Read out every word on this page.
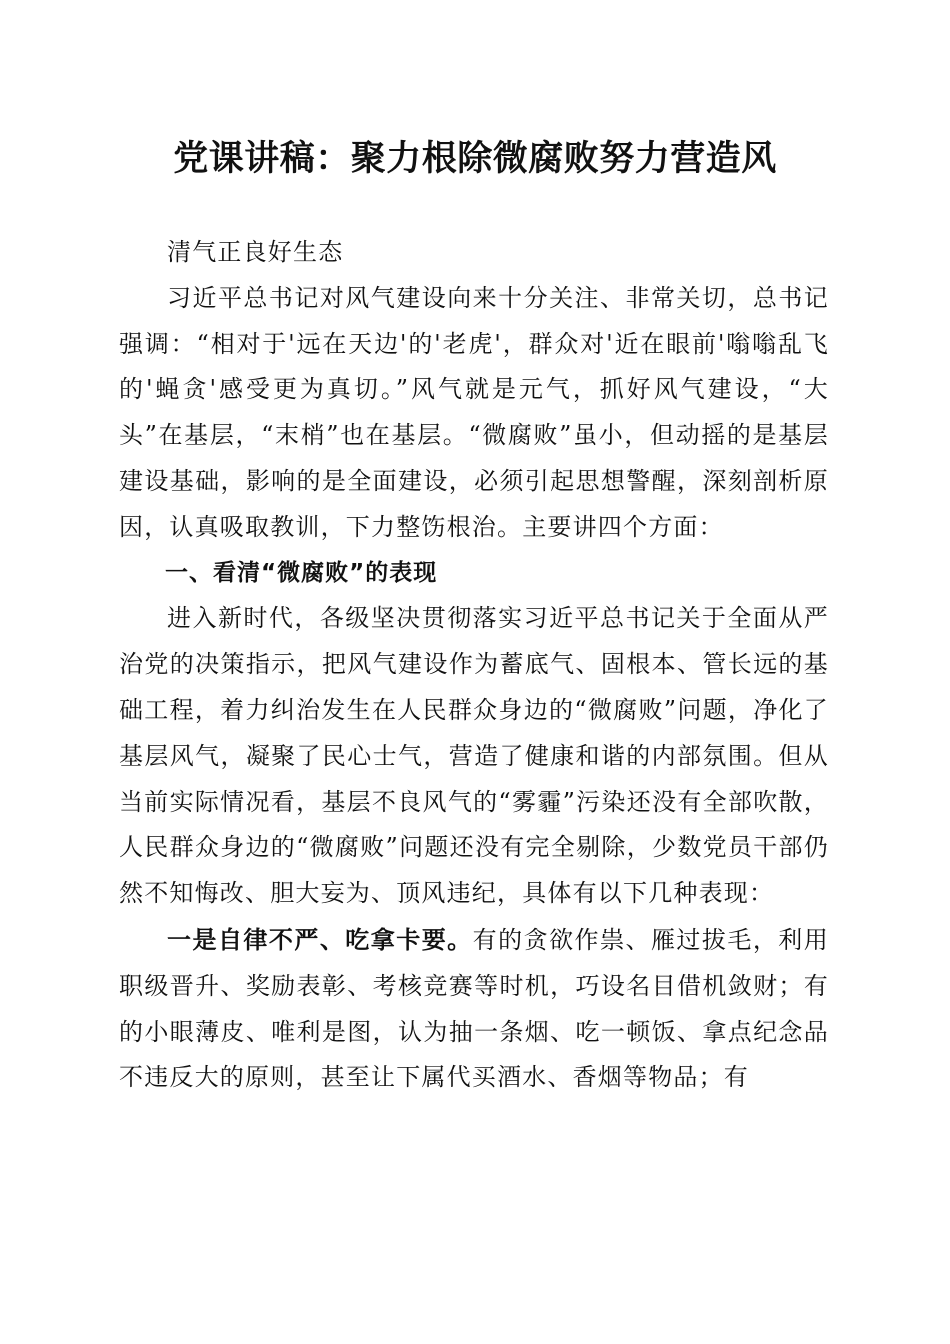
党课讲稿：聚力根除微腐败努力营造风

清气正良好生态

习近平总书记对风气建设向来十分关注、非常关切，总书记强调：“相对于'远在天边'的'老虎'，群众对'近在眼前'嗡嗡乱飞的'蝇贪'感受更为真切。”风气就是元气，抓好风气建设，“大头”在基层，“末梢”也在基层。“微腐败”虽小，但动摇的是基层建设基础，影响的是全面建设，必须引起思想警醒，深刻剖析原因，认真吸取教训，下力整饬根治。主要讲四个方面：

一、看清“微腐败”的表现

进入新时代，各级坚决贯彻落实习近平总书记关于全面从严治党的决策指示，把风气建设作为蓄底气、固根本、管长远的基础工程，着力纠治发生在人民群众身边的“微腐败”问题，净化了基层风气，凝聚了民心士气，营造了健康和谐的内部氛围。但从当前实际情况看，基层不良风气的“雾霾”污染还没有全部吹散，人民群众身边的“微腐败”问题还没有完全剔除，少数党员干部仍然不知悔改、胆大妄为、顶风违纪，具体有以下几种表现：

一是自律不严、吃拿卡要。有的贪欲作祟、雁过拔毛，利用职级晋升、奖励表彰、考核竞赛等时机，巧设名目借机敛财；有的小眼薄皮、唯利是图，认为抽一条烟、吃一顿饭、拿点纪念品不违反大的原则，甚至让下属代买酒水、香烟等物品；有
